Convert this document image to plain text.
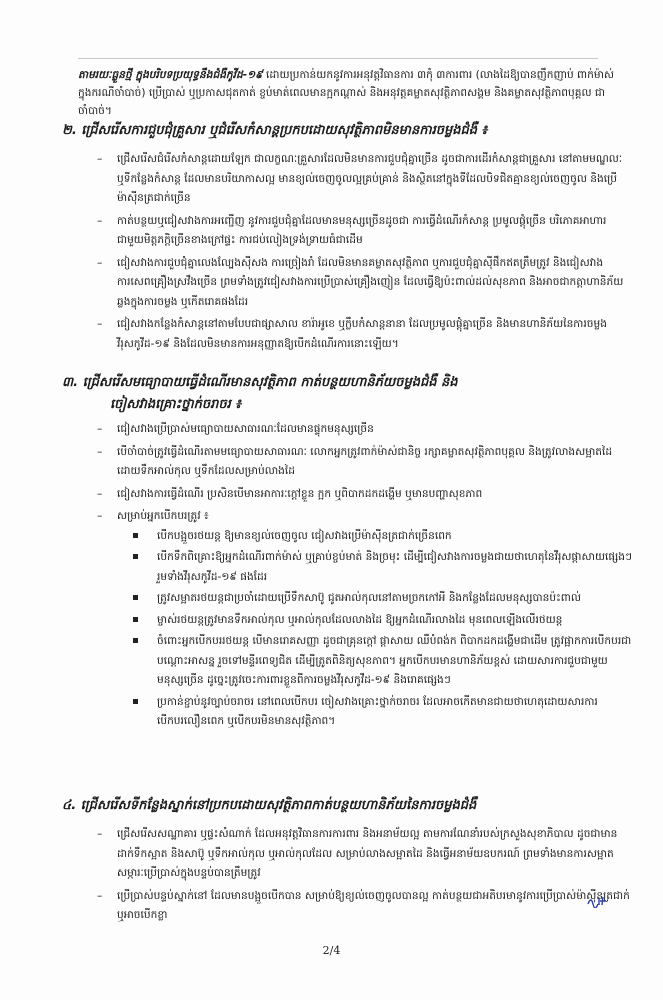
តាមរយៈធ្លួនថ្មី ក្នុងបរិបទប្រយុទ្ធនឹងជំងឺកូវីដ-១៩ ដោយប្រកាន់យកនូវការអនុវត្តវិធានការ ៣កុំ ៣ការពារ (លាងដៃឱ្យបានញឹកញាប់ ពាក់ម៉ាស់ ក្នុងករណីចាំបាច់) ប្រើប្រាស់ ឬប្រកាសជុតកាត់ ខ្ចប់មាត់ពេលមានក្អកណ្តាស់ និងអនុវត្តគម្លាតសុវត្ថិភាពសង្គម និងគម្លាតសុវត្ថិភាពបុគ្គល ជាចាំបាច់។
២. ជ្រើសរើសការជួបជុំគ្រួសារ ឬជំរើសកំសាន្តប្រកបដោយសុវត្ថិភាពមិនមានការចម្លងជំងឺ ៖
– ជ្រើសរើសជំរើសកំសាន្តដោយឡែក ជាលក្ខណៈគ្រួសារដែលមិនមានការជួបជុំគ្នាច្រើន ដូចជាការដើរកំសាន្តជាគ្រួសារ នៅតាមមណ្ឌលៈ ឬទីកន្លែងកំសាន្ត ដែលមានបរិយាកាសល្អ មានខ្យល់ចេញចូលល្អគ្រប់គ្រាន់ និងស្ថិតនៅក្នុងទីដែលបិទជិតគ្មានខ្យល់ចេញចូល និងប្រើម៉ាស៊ីនត្រជាក់ច្រើន
– កាត់បន្ថយឬជៀសវាងការអញ្ជើញ នូវការជួបជុំគ្នាដែលមានមនុស្សច្រើនដូចជា ការធ្វើដំណើរកំសាន្ត ប្រមូលផ្តុំច្រើន បរិភោគអាហារជាមួយមិត្តភក្តិច្រើនខាងក្រៅផ្ទះ ការជប់លៀងទ្រង់ទ្រាយធំជាដើម
– ជៀសវាងការជួបជុំគ្នាលេងល្បែងស៊ីសង ការច្រៀងរាំ ដែលមិនមានគម្លាតសុវត្ថិភាព ឬការជួបជុំគ្នាស៊ីផឹកឥតត្រឹមត្រូវ និងជៀសវាងការសេពគ្រឿងស្រវឹងច្រើន ព្រមទាំងត្រូវជៀសវាងការប្រើប្រាស់គ្រឿងញៀន ដែលធ្វើឱ្យប៉ះពាល់ដល់សុខភាព និងអាចជាកត្តាហានិភ័យឆ្លងក្នុងការចម្លង ឬកើតរោគផងដែរ
– ជៀសវាងកន្លែងកំសាន្តនៅតាមបែបជាផ្សាសាល ខារ៉ាអូខេ ឬក្លឹបកំសាន្តនានា ដែលប្រមូលផ្តុំគ្នាច្រើន និងមានហានិភ័យនៃការចម្លងវីរុសកូវីដ-១៩ និងដែលមិនមានការអនុញ្ញាតឱ្យបើកដំណើរការនោះឡើយ។
៣. ជ្រើសរើសមធ្យោបាយធ្វើដំណើរមានសុវត្ថិភាព កាត់បន្ថយហានិភ័យចម្លងជំងឺ និង
ចៀសវាងគ្រោះថ្នាក់ចរាចរ ៖
– ជៀសវាងប្រើប្រាស់មធ្យោបាយសាធារណៈដែលមានផ្ទុកមនុស្សច្រើន
– បើចាំបាច់ត្រូវធ្វើដំណើរតាមមធ្យោបាយសាធារណៈ លោកអ្នកត្រូវពាក់ម៉ាស់ជានិច្ច រក្សាគម្លាតសុវត្ថិភាពបុគ្គល និងត្រូវលាងសម្អាតដៃដោយទឹកអាល់កុល ឬទឹកដែលសម្រាប់លាងដៃ
– ជៀសវាងការធ្វើដំណើរ ប្រសិនបើមានអាការៈក្តៅខ្លួន ក្អក ឬពិបាកដកដង្ហើម ឬមានបញ្ហាសុខភាព
– សម្រាប់អ្នកបើកបរត្រូវ ៖
បើកបង្អួចរថយន្ត ឱ្យមានខ្យល់ចេញចូល ជៀសវាងប្រើម៉ាស៊ីនត្រជាក់ច្រើនពេក
បើកទឹកពិគ្រោះឱ្យអ្នកដំណើរពាក់ម៉ាស់ ឬគ្រាប់ខ្ចប់មាត់ និងច្រមុះ ដើម្បីជៀសវាងការចម្លងជាយថាហេតុនៃវីរុសផ្តាសាយផ្សេងៗ រួមទាំងវីរុសកូវីដ-១៩ ផងដែរ
ត្រូវសម្អាតរថយន្តជាប្រចាំដោយប្រើទឹកសាប៊ូ ជូតអាល់កុលនៅតាមច្រកកៅអី និងកន្លែងដែលមនុស្សបានប៉ះពាល់
ម្ចាស់រថយន្តត្រូវមានទឹកអាល់កុល ឬអាល់កុលដែលលាងដៃ ឱ្យអ្នកដំណើរលាងដៃ មុនពេលឡើងលើរថយន្ត
ចំពោះអ្នកបើកបររថយន្ត បើមានរោគសញ្ញា ដូចជាគ្រុនក្តៅ ផ្តាសាយ ឈឺបំពង់ក ពិបាកដកដង្ហើមជាដើម ត្រូវផ្អាកការបើកបរជាបណ្តោះអាសន្ន រួចទៅមន្ទីរពេទ្យជិត ដើម្បីត្រូតពិនិត្យសុខភាព។ អ្នកបើកបរមានហានិភ័យខ្ពស់ ដោយសារការជួបជាមួយមនុស្សច្រើន ដូច្នេះត្រូវចេះការពារខ្លួនពីការចម្លងវីរុសកូវីដ-១៩ និងរោគផ្សេងៗ
ប្រកាន់ខ្ជាប់នូវច្បាប់ចរាចរ នៅពេលបើកបរ ចៀសវាងគ្រោះថ្នាក់ចរាចរ ដែលអាចកើតមានជាយថាហេតុដោយសារការបើកបរលឿនពេក ឬបើកបរមិនមានសុវត្ថិភាព។
៤. ជ្រើសរើសទីកន្លែងស្នាក់នៅប្រកបដោយសុវត្ថិភាពកាត់បន្ថយហានិភ័យនៃការចម្លងជំងឺ
– ជ្រើសរើសសណ្ឋាគារ ឬផ្ទះសំណាក់ ដែលអនុវត្តវិធានការការពារ និងអនាម័យល្អ តាមការណែនាំរបស់ក្រសួងសុខាភិបាល ដូចជាមានដាក់ទឹកស្អាត និងសាប៊ូ ឬទឹកអាល់កុល ឬអាល់កុលដែល សម្រាប់លាងសម្អាតដៃ និងធ្វើអនាម័យឧបករណ៍ ព្រមទាំងមានការសម្អាតសម្ភារៈប្រើប្រាស់ក្នុងបន្ទប់បានត្រឹមត្រូវ
– ប្រើប្រាស់បន្ទប់ស្នាក់នៅ ដែលមានបង្អួចបើកបាន សម្រាប់ឱ្យខ្យល់ចេញចូលបានល្អ កាត់បន្ថយជាអតិបរមានូវការប្រើប្រាស់ម៉ាស៊ីនត្រជាក់ ឬអាចបើកខ្លា
2/4
